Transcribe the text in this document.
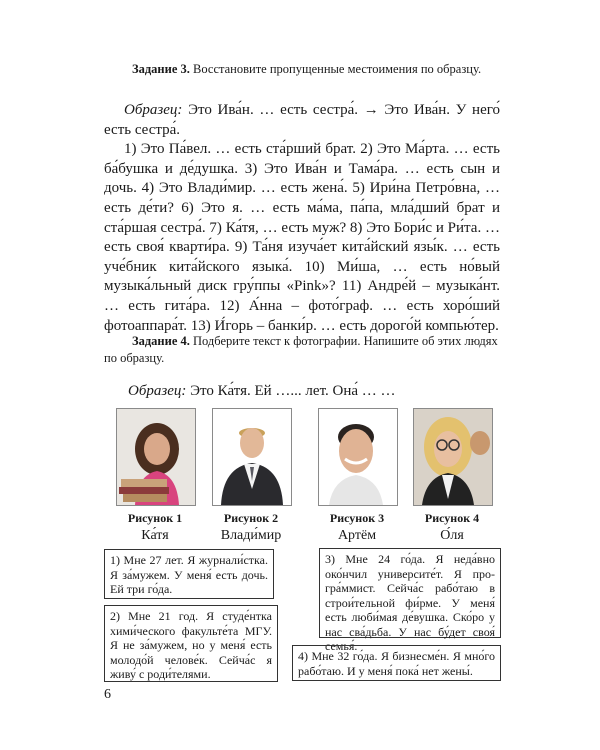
Задание 3. Восстановите пропущенные местоимения по образцу.

Образец: Это Ива́н. … есть сестра́. → Это Ива́н. У него́ есть сестра́.

1) Это Па́вел. … есть ста́рший брат. 2) Это Ма́рта. … есть ба́бушка и де́душка. 3) Это Ива́н и Тама́ра. … есть сын и дочь. 4) Это Влади́мир. … есть жена́. 5) Ири́на Петро́вна, … есть де́ти? 6) Это я. … есть ма́ма, па́па, мла́дший брат и ста́ршая сестра́. 7) Ка́тя, … есть муж? 8) Это Бори́с и Ри́та. … есть своя́ кварти́ра. 9) Та́ня изуча́ет кита́йский язы́к. … есть уче́бник кита́йского языка́. 10) Ми́ша, … есть но́вый музыка́льный диск гру́ппы «Pink»? 11) Андре́й – музыка́нт. … есть гита́ра. 12) А́нна – фото́граф. … есть хоро́ший фотоаппара́т. 13) И́горь – банки́р. … есть дорого́й компью́тер.

Задание 4. Подберите текст к фотографии. Напишите об этих людях по образцу.
Образец: Это Ка́тя. Ей …... лет. Она́ … …
Рисунок 1
Ка́тя
Рисунок 2
Влади́мир
Рисунок 3
Артём
Рисунок 4
О́ля
1) Мне 27 лет. Я журнали́стка. Я за́мужем. У меня́ есть дочь. Ей три го́да.
2) Мне 21 год. Я студе́нтка хими́ческого факульте́та МГУ. Я не за́мужем, но у меня́ есть молодо́й челове́к. Сейча́с я живу́ с роди́телями.
3) Мне 24 го́да. Я неда́вно око́нчил университе́т. Я про-гра́ммист. Сейча́с рабо́таю в строи́тельной фи́рме. У меня́ есть люби́мая де́вушка. Ско́ро у нас сва́дьба. У нас бу́дет своя́ семья́.
4) Мне 32 го́да. Я бизнесме́н. Я мно́го рабо́таю. И у меня́ пока́ нет жены́.
6
